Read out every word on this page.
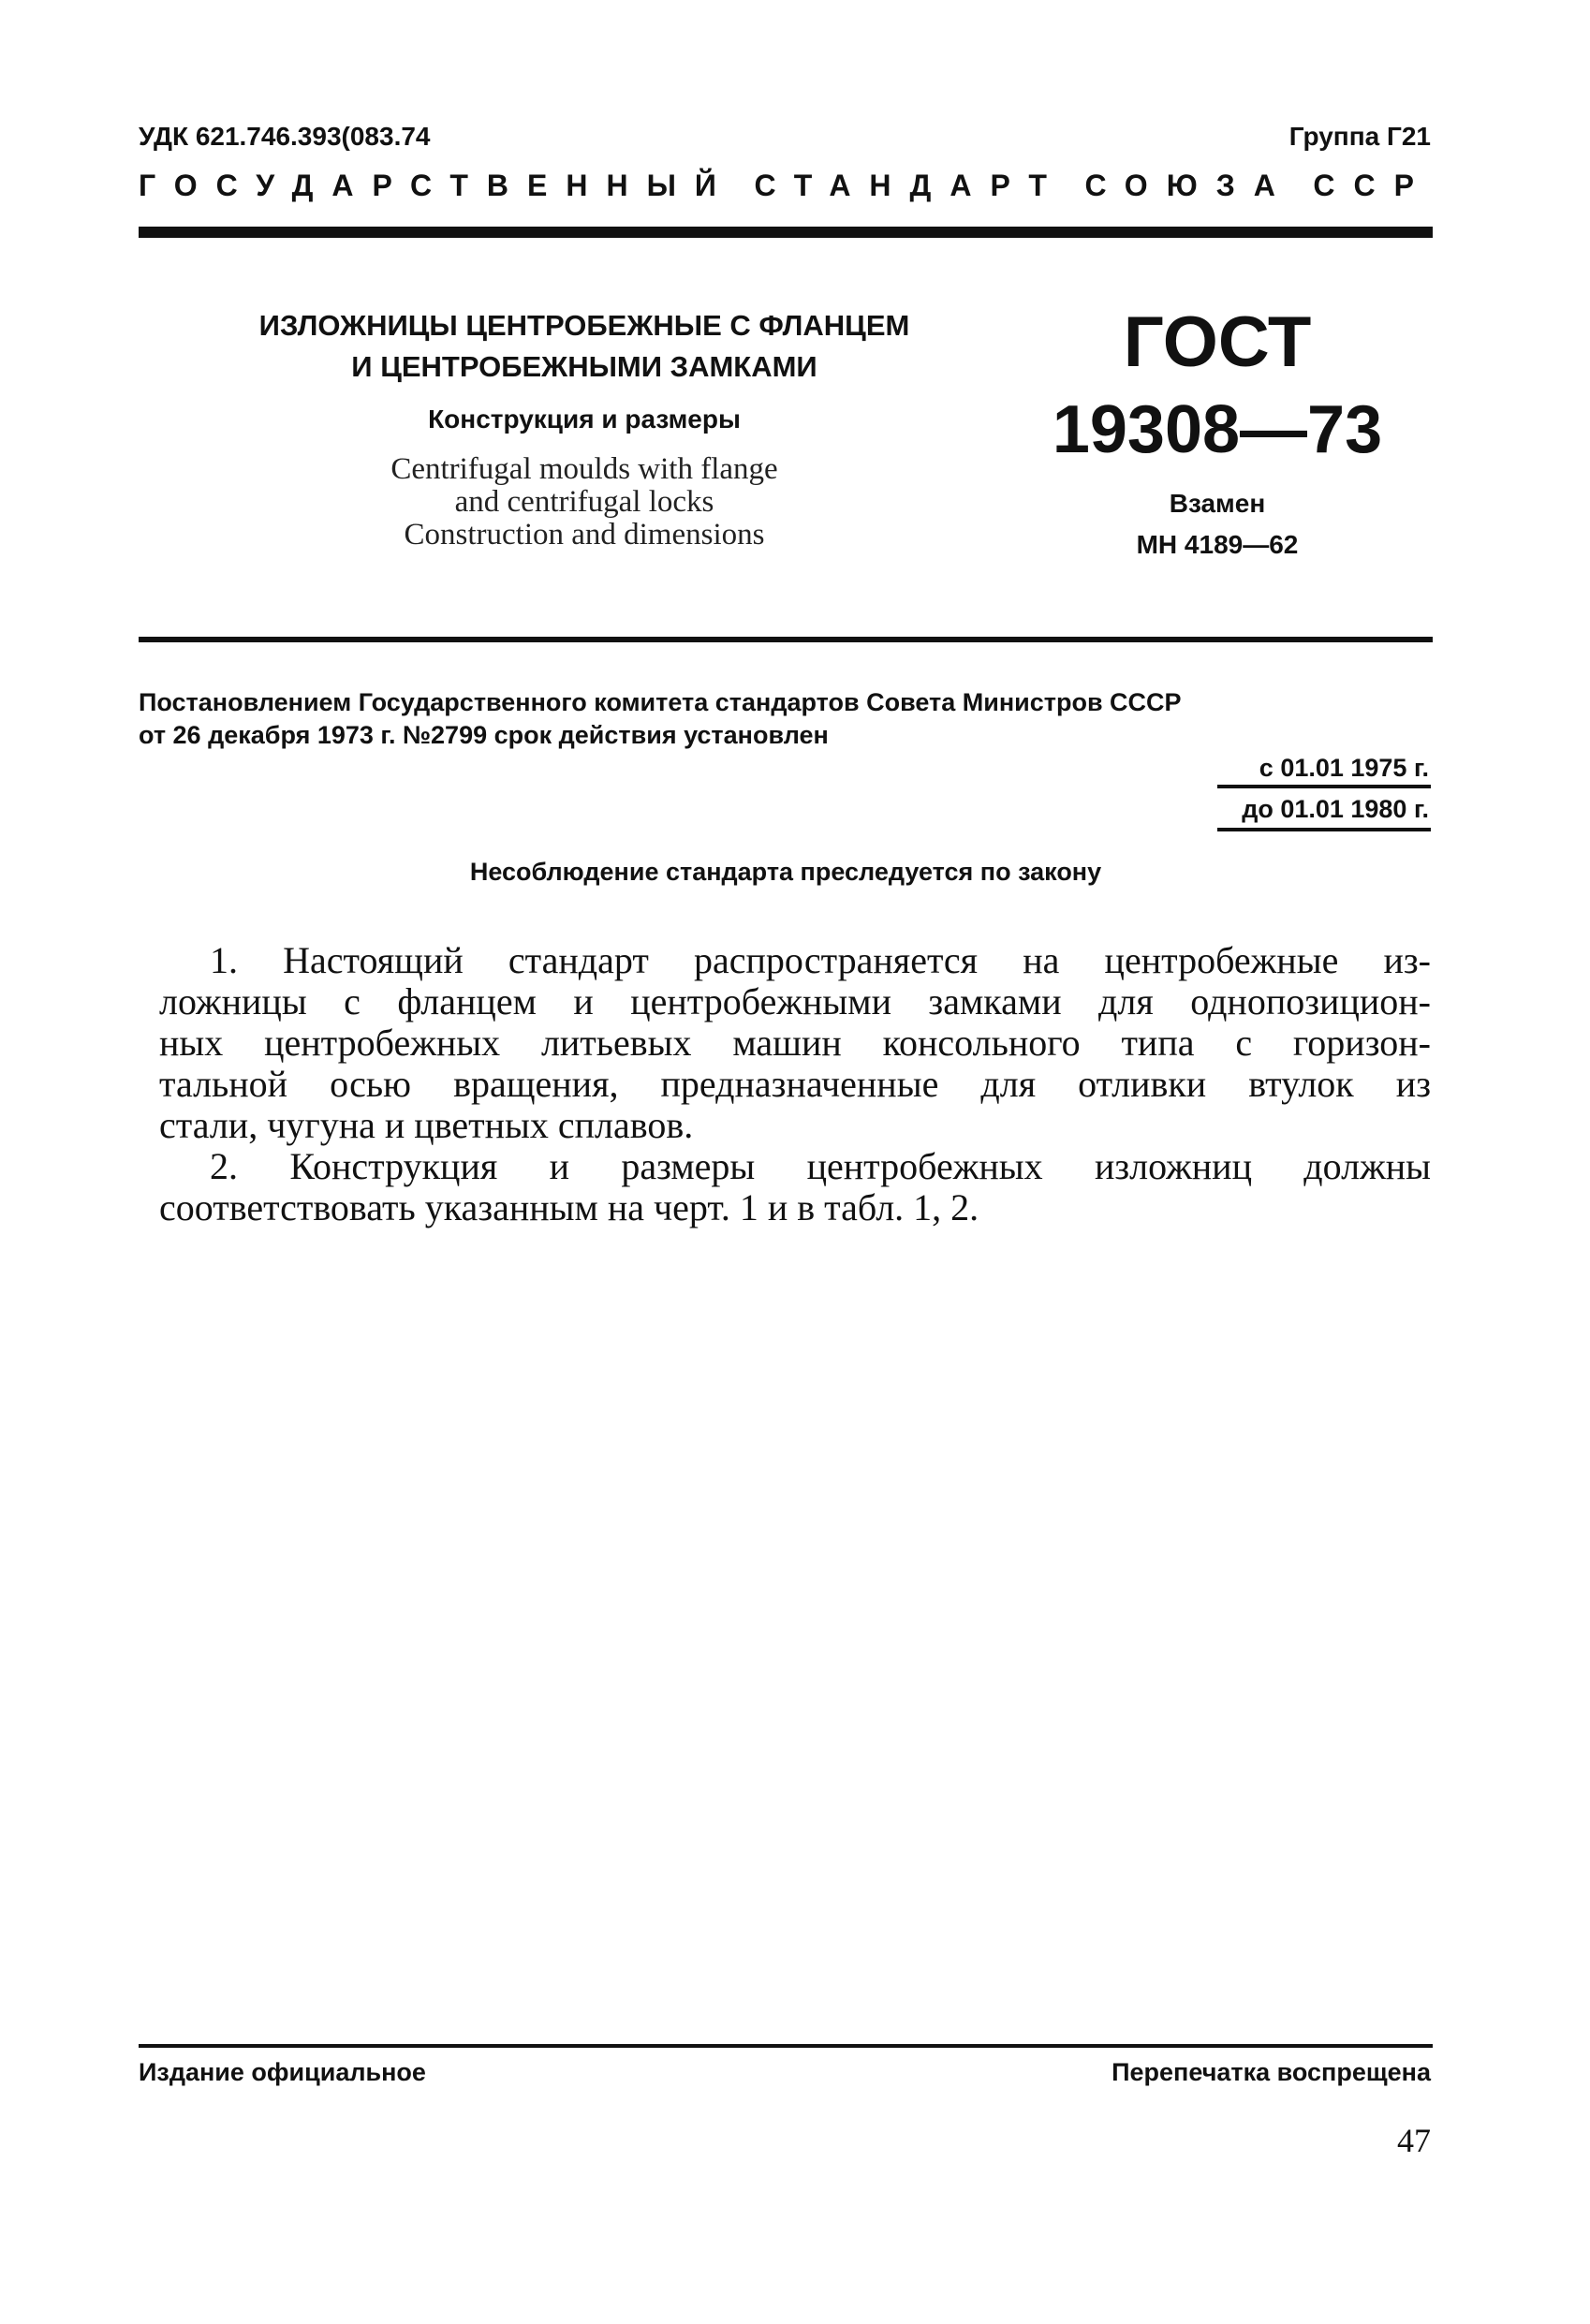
УДК 621.746.393(083.74	Группа Г21
ГОСУДАРСТВЕННЫЙ СТАНДАРТ СОЮЗА ССР
ИЗЛОЖНИЦЫ ЦЕНТРОБЕЖНЫЕ С ФЛАНЦЕМ
И ЦЕНТРОБЕЖНЫМИ ЗАМКАМИ
Конструкция и размеры
Centrifugal moulds with flange
and centrifugal locks
Construction and dimensions
ГОСТ
19308—73
Взамен
МН 4189—62
Постановлением Государственного комитета стандартов Совета Министров СССР
от 26 декабря 1973 г. №2799 срок действия установлен
с 01.01 1975 г.
до 01.01 1980 г.
Несоблюдение стандарта преследуется по закону
1. Настоящий стандарт распространяется на центробежные из-
ложницы с фланцем и центробежными замками для однопозицион-
ных центробежных литьевых машин консольного типа с горизон-
тальной осью вращения, предназначенные для отливки втулок из
стали, чугуна и цветных сплавов.
2. Конструкция и размеры центробежных изложниц должны
соответствовать указанным на черт. 1 и в табл. 1, 2.
Издание официальное	Перепечатка воспрещена
47
